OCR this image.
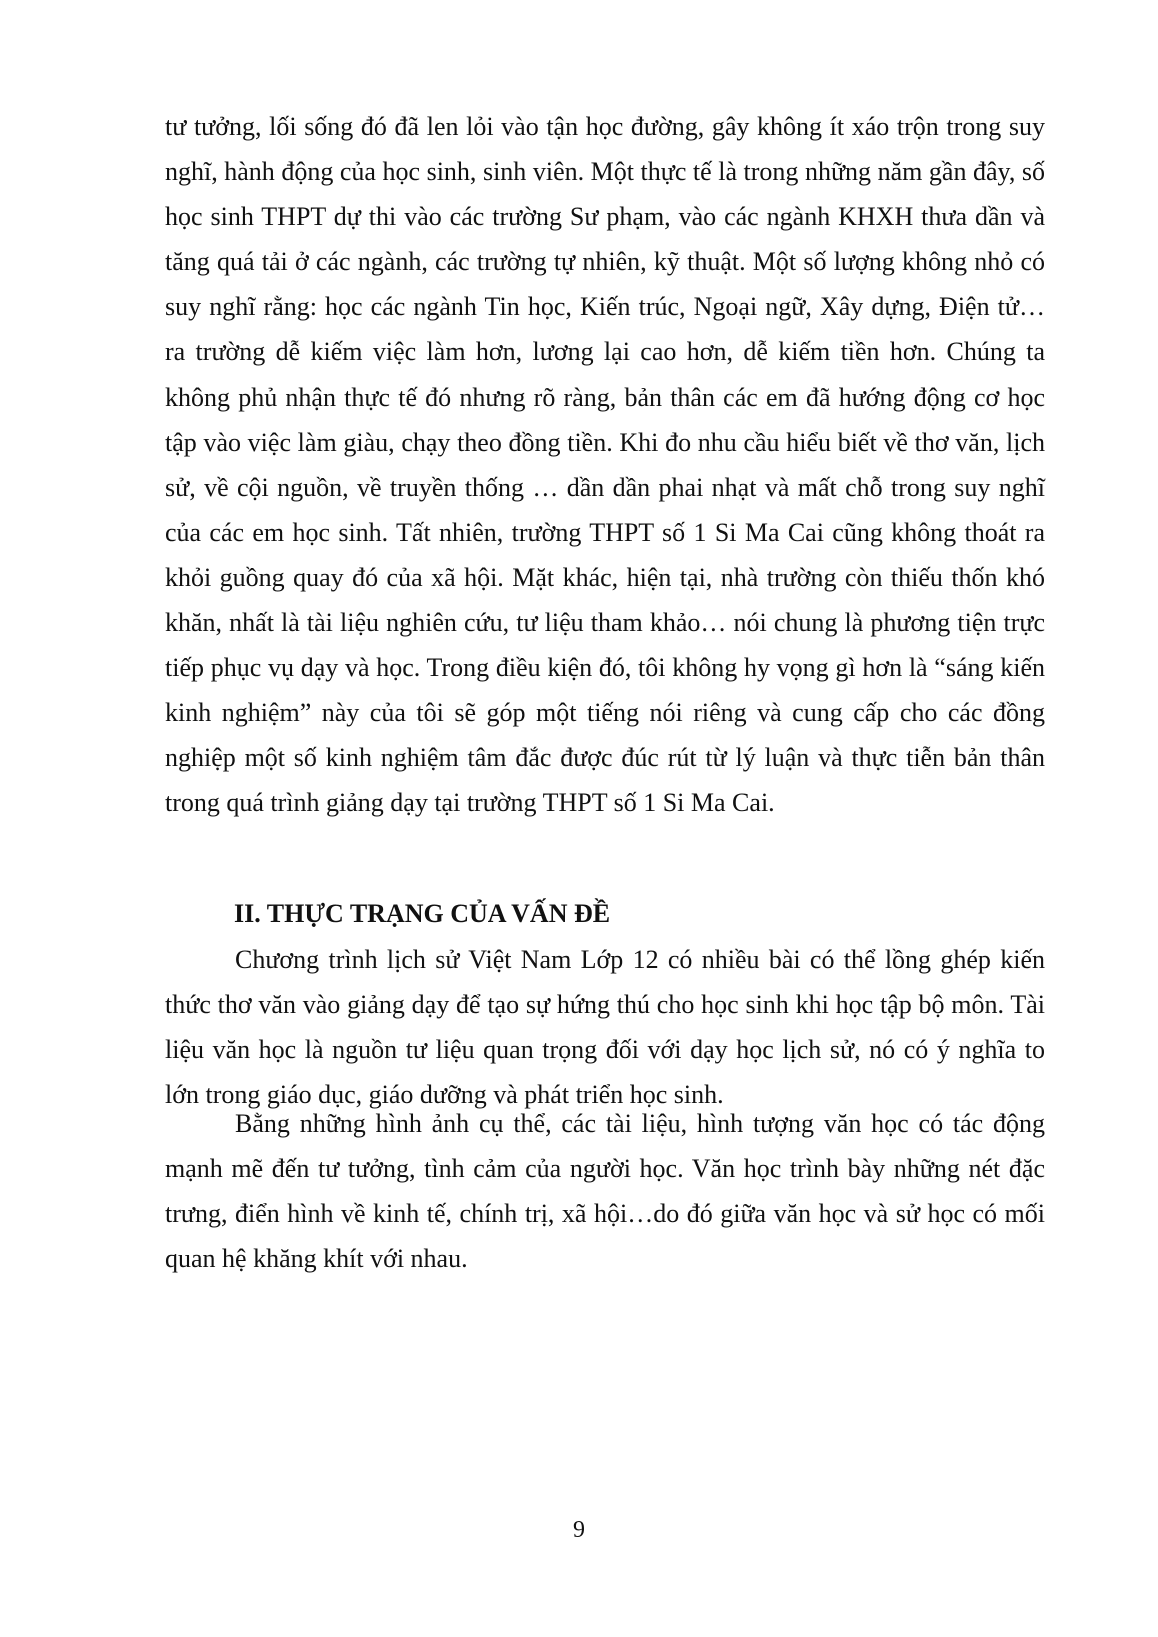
tư tưởng, lối sống đó đã len lỏi vào tận học đường, gây không ít xáo trộn trong suy nghĩ, hành động của học sinh, sinh viên. Một thực tế là trong những năm gần đây, số học sinh THPT dự thi vào các trường Sư phạm, vào các ngành KHXH thưa dần và tăng quá tải ở các ngành, các trường tự nhiên, kỹ thuật. Một số lượng không nhỏ có suy nghĩ rằng: học các ngành Tin học, Kiến trúc, Ngoại ngữ, Xây dựng, Điện tử… ra trường dễ kiếm việc làm hơn, lương lại cao hơn, dễ kiếm tiền hơn. Chúng ta không phủ nhận thực tế đó nhưng rõ ràng, bản thân các em đã hướng động cơ học tập vào việc làm giàu, chạy theo đồng tiền. Khi đo nhu cầu hiểu biết về thơ văn, lịch sử, về cội nguồn, về truyền thống … dần dần phai nhạt và mất chỗ trong suy nghĩ của các em học sinh. Tất nhiên, trường THPT số 1 Si Ma Cai cũng không thoát ra khỏi guồng quay đó của xã hội. Mặt khác, hiện tại, nhà trường còn thiếu thốn khó khăn, nhất là tài liệu nghiên cứu, tư liệu tham khảo… nói chung là phương tiện trực tiếp phục vụ dạy và học. Trong điều kiện đó, tôi không hy vọng gì hơn là “sáng kiến kinh nghiệm” này của tôi sẽ góp một tiếng nói riêng và cung cấp cho các đồng nghiệp một số kinh nghiệm tâm đắc được đúc rút từ lý luận và thực tiễn bản thân trong quá trình giảng dạy tại trường THPT số 1 Si Ma Cai.

II. THỰC TRẠNG CỦA VẤN ĐỀ

Chương trình lịch sử Việt Nam Lớp 12 có nhiều bài có thể lồng ghép kiến thức thơ văn vào giảng dạy để tạo sự hứng thú cho học sinh khi học tập bộ môn. Tài liệu văn học là nguồn tư liệu quan trọng đối với dạy học lịch sử, nó có ý nghĩa to lớn trong giáo dục, giáo dưỡng và phát triển học sinh.

Bằng những hình ảnh cụ thể, các tài liệu, hình tượng văn học có tác động mạnh mẽ đến tư tưởng, tình cảm của người học. Văn học trình bày những nét đặc trưng, điển hình về kinh tế, chính trị, xã hội…do đó giữa văn học và sử học có mối quan hệ khăng khít với nhau.

9
